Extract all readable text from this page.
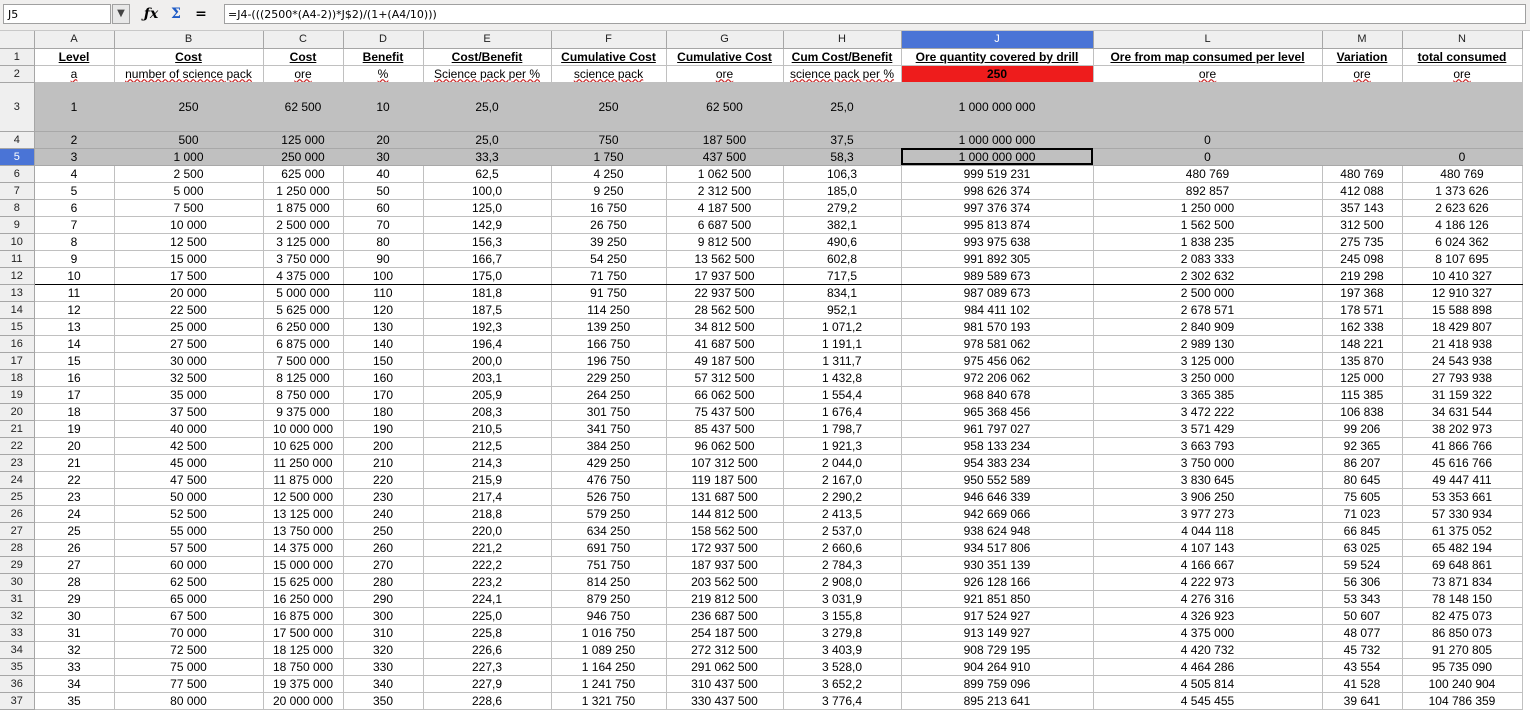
J5	▼	ƒx Σ	=	=J4-(((2500*(A4-2))*J$2)/(1+(A4/10)))
	A	B	C	D	E	F	G	H	J	L	M	N
1	Level	Cost	Cost	Benefit	Cost/Benefit	Cumulative Cost	Cumulative Cost	Cum Cost/Benefit	Ore quantity covered by drill	Ore from map consumed per level	Variation	total consumed
2	a	number of science pack	ore	%	Science pack per %	science pack	ore	science pack per %	250	ore	ore	ore
3	1	250	62 500	10	25,0	250	62 500	25,0	1 000 000 000			
4	2	500	125 000	20	25,0	750	187 500	37,5	1 000 000 000	0		
5	3	1 000	250 000	30	33,3	1 750	437 500	58,3	1 000 000 000	0		0
6	4	2 500	625 000	40	62,5	4 250	1 062 500	106,3	999 519 231	480 769	480 769	480 769
7	5	5 000	1 250 000	50	100,0	9 250	2 312 500	185,0	998 626 374	892 857	412 088	1 373 626
8	6	7 500	1 875 000	60	125,0	16 750	4 187 500	279,2	997 376 374	1 250 000	357 143	2 623 626
9	7	10 000	2 500 000	70	142,9	26 750	6 687 500	382,1	995 813 874	1 562 500	312 500	4 186 126
10	8	12 500	3 125 000	80	156,3	39 250	9 812 500	490,6	993 975 638	1 838 235	275 735	6 024 362
11	9	15 000	3 750 000	90	166,7	54 250	13 562 500	602,8	991 892 305	2 083 333	245 098	8 107 695
12	10	17 500	4 375 000	100	175,0	71 750	17 937 500	717,5	989 589 673	2 302 632	219 298	10 410 327
13	11	20 000	5 000 000	110	181,8	91 750	22 937 500	834,1	987 089 673	2 500 000	197 368	12 910 327
14	12	22 500	5 625 000	120	187,5	114 250	28 562 500	952,1	984 411 102	2 678 571	178 571	15 588 898
15	13	25 000	6 250 000	130	192,3	139 250	34 812 500	1 071,2	981 570 193	2 840 909	162 338	18 429 807
16	14	27 500	6 875 000	140	196,4	166 750	41 687 500	1 191,1	978 581 062	2 989 130	148 221	21 418 938
17	15	30 000	7 500 000	150	200,0	196 750	49 187 500	1 311,7	975 456 062	3 125 000	135 870	24 543 938
18	16	32 500	8 125 000	160	203,1	229 250	57 312 500	1 432,8	972 206 062	3 250 000	125 000	27 793 938
19	17	35 000	8 750 000	170	205,9	264 250	66 062 500	1 554,4	968 840 678	3 365 385	115 385	31 159 322
20	18	37 500	9 375 000	180	208,3	301 750	75 437 500	1 676,4	965 368 456	3 472 222	106 838	34 631 544
21	19	40 000	10 000 000	190	210,5	341 750	85 437 500	1 798,7	961 797 027	3 571 429	99 206	38 202 973
22	20	42 500	10 625 000	200	212,5	384 250	96 062 500	1 921,3	958 133 234	3 663 793	92 365	41 866 766
23	21	45 000	11 250 000	210	214,3	429 250	107 312 500	2 044,0	954 383 234	3 750 000	86 207	45 616 766
24	22	47 500	11 875 000	220	215,9	476 750	119 187 500	2 167,0	950 552 589	3 830 645	80 645	49 447 411
25	23	50 000	12 500 000	230	217,4	526 750	131 687 500	2 290,2	946 646 339	3 906 250	75 605	53 353 661
26	24	52 500	13 125 000	240	218,8	579 250	144 812 500	2 413,5	942 669 066	3 977 273	71 023	57 330 934
27	25	55 000	13 750 000	250	220,0	634 250	158 562 500	2 537,0	938 624 948	4 044 118	66 845	61 375 052
28	26	57 500	14 375 000	260	221,2	691 750	172 937 500	2 660,6	934 517 806	4 107 143	63 025	65 482 194
29	27	60 000	15 000 000	270	222,2	751 750	187 937 500	2 784,3	930 351 139	4 166 667	59 524	69 648 861
30	28	62 500	15 625 000	280	223,2	814 250	203 562 500	2 908,0	926 128 166	4 222 973	56 306	73 871 834
31	29	65 000	16 250 000	290	224,1	879 250	219 812 500	3 031,9	921 851 850	4 276 316	53 343	78 148 150
32	30	67 500	16 875 000	300	225,0	946 750	236 687 500	3 155,8	917 524 927	4 326 923	50 607	82 475 073
33	31	70 000	17 500 000	310	225,8	1 016 750	254 187 500	3 279,8	913 149 927	4 375 000	48 077	86 850 073
34	32	72 500	18 125 000	320	226,6	1 089 250	272 312 500	3 403,9	908 729 195	4 420 732	45 732	91 270 805
35	33	75 000	18 750 000	330	227,3	1 164 250	291 062 500	3 528,0	904 264 910	4 464 286	43 554	95 735 090
36	34	77 500	19 375 000	340	227,9	1 241 750	310 437 500	3 652,2	899 759 096	4 505 814	41 528	100 240 904
37	35	80 000	20 000 000	350	228,6	1 321 750	330 437 500	3 776,4	895 213 641	4 545 455	39 641	104 786 359
